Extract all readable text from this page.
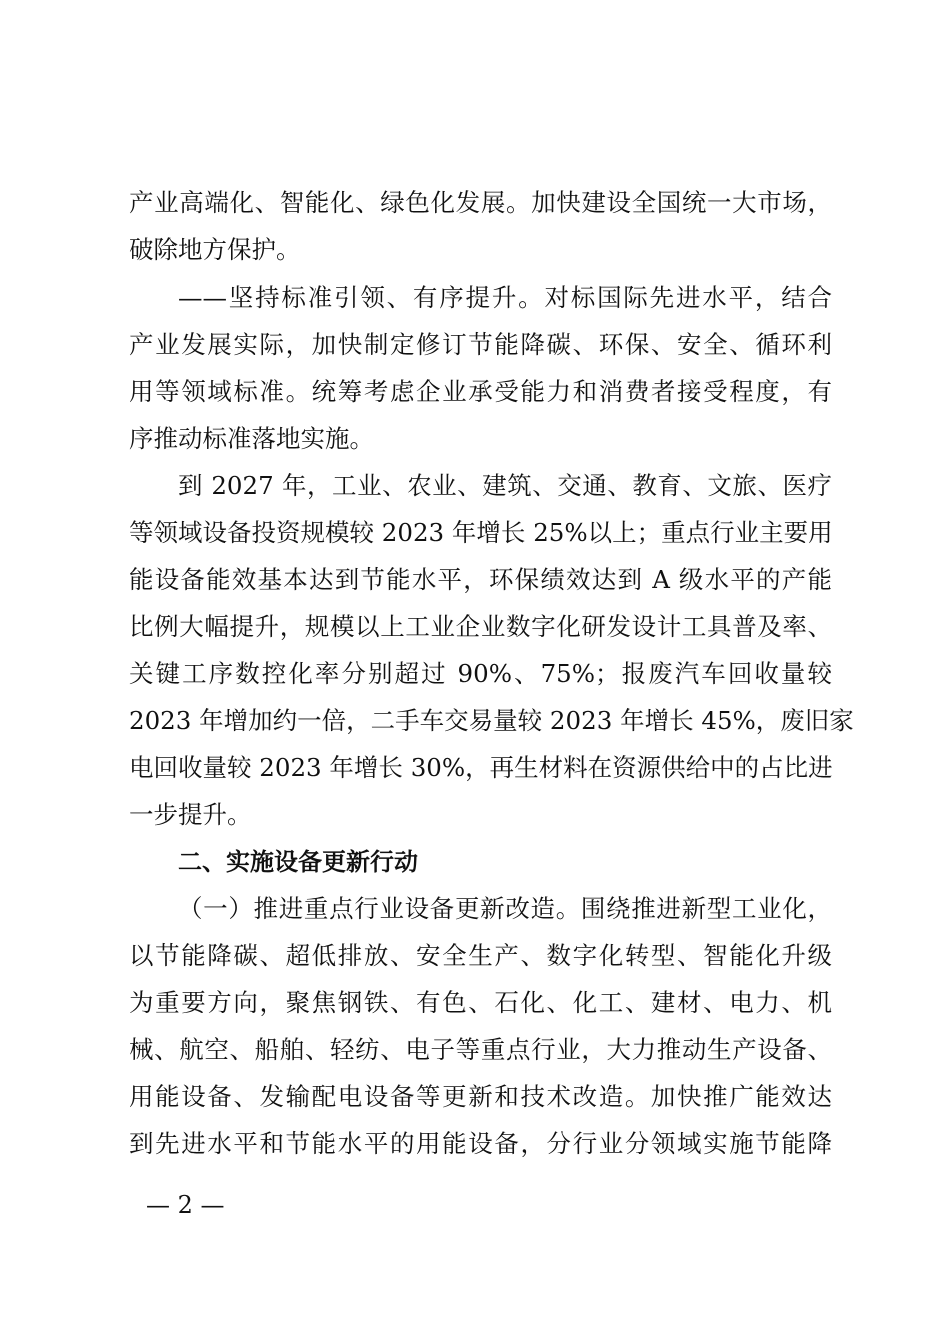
产业高端化、智能化、绿色化发展。加快建设全国统一大市场，
破除地方保护。
——坚持标准引领、有序提升。对标国际先进水平，结合
产业发展实际，加快制定修订节能降碳、环保、安全、循环利
用等领域标准。统筹考虑企业承受能力和消费者接受程度，有
序推动标准落地实施。
到 2027 年，工业、农业、建筑、交通、教育、文旅、医疗
等领域设备投资规模较 2023 年增长 25%以上；重点行业主要用
能设备能效基本达到节能水平，环保绩效达到 A 级水平的产能
比例大幅提升，规模以上工业企业数字化研发设计工具普及率、
关键工序数控化率分别超过 90%、75%；报废汽车回收量较
2023 年增加约一倍，二手车交易量较 2023 年增长 45%，废旧家
电回收量较 2023 年增长 30%，再生材料在资源供给中的占比进
一步提升。
二、实施设备更新行动
（一）推进重点行业设备更新改造。围绕推进新型工业化，
以节能降碳、超低排放、安全生产、数字化转型、智能化升级
为重要方向，聚焦钢铁、有色、石化、化工、建材、电力、机
械、航空、船舶、轻纺、电子等重点行业，大力推动生产设备、
用能设备、发输配电设备等更新和技术改造。加快推广能效达
到先进水平和节能水平的用能设备，分行业分领域实施节能降
— 2 —
